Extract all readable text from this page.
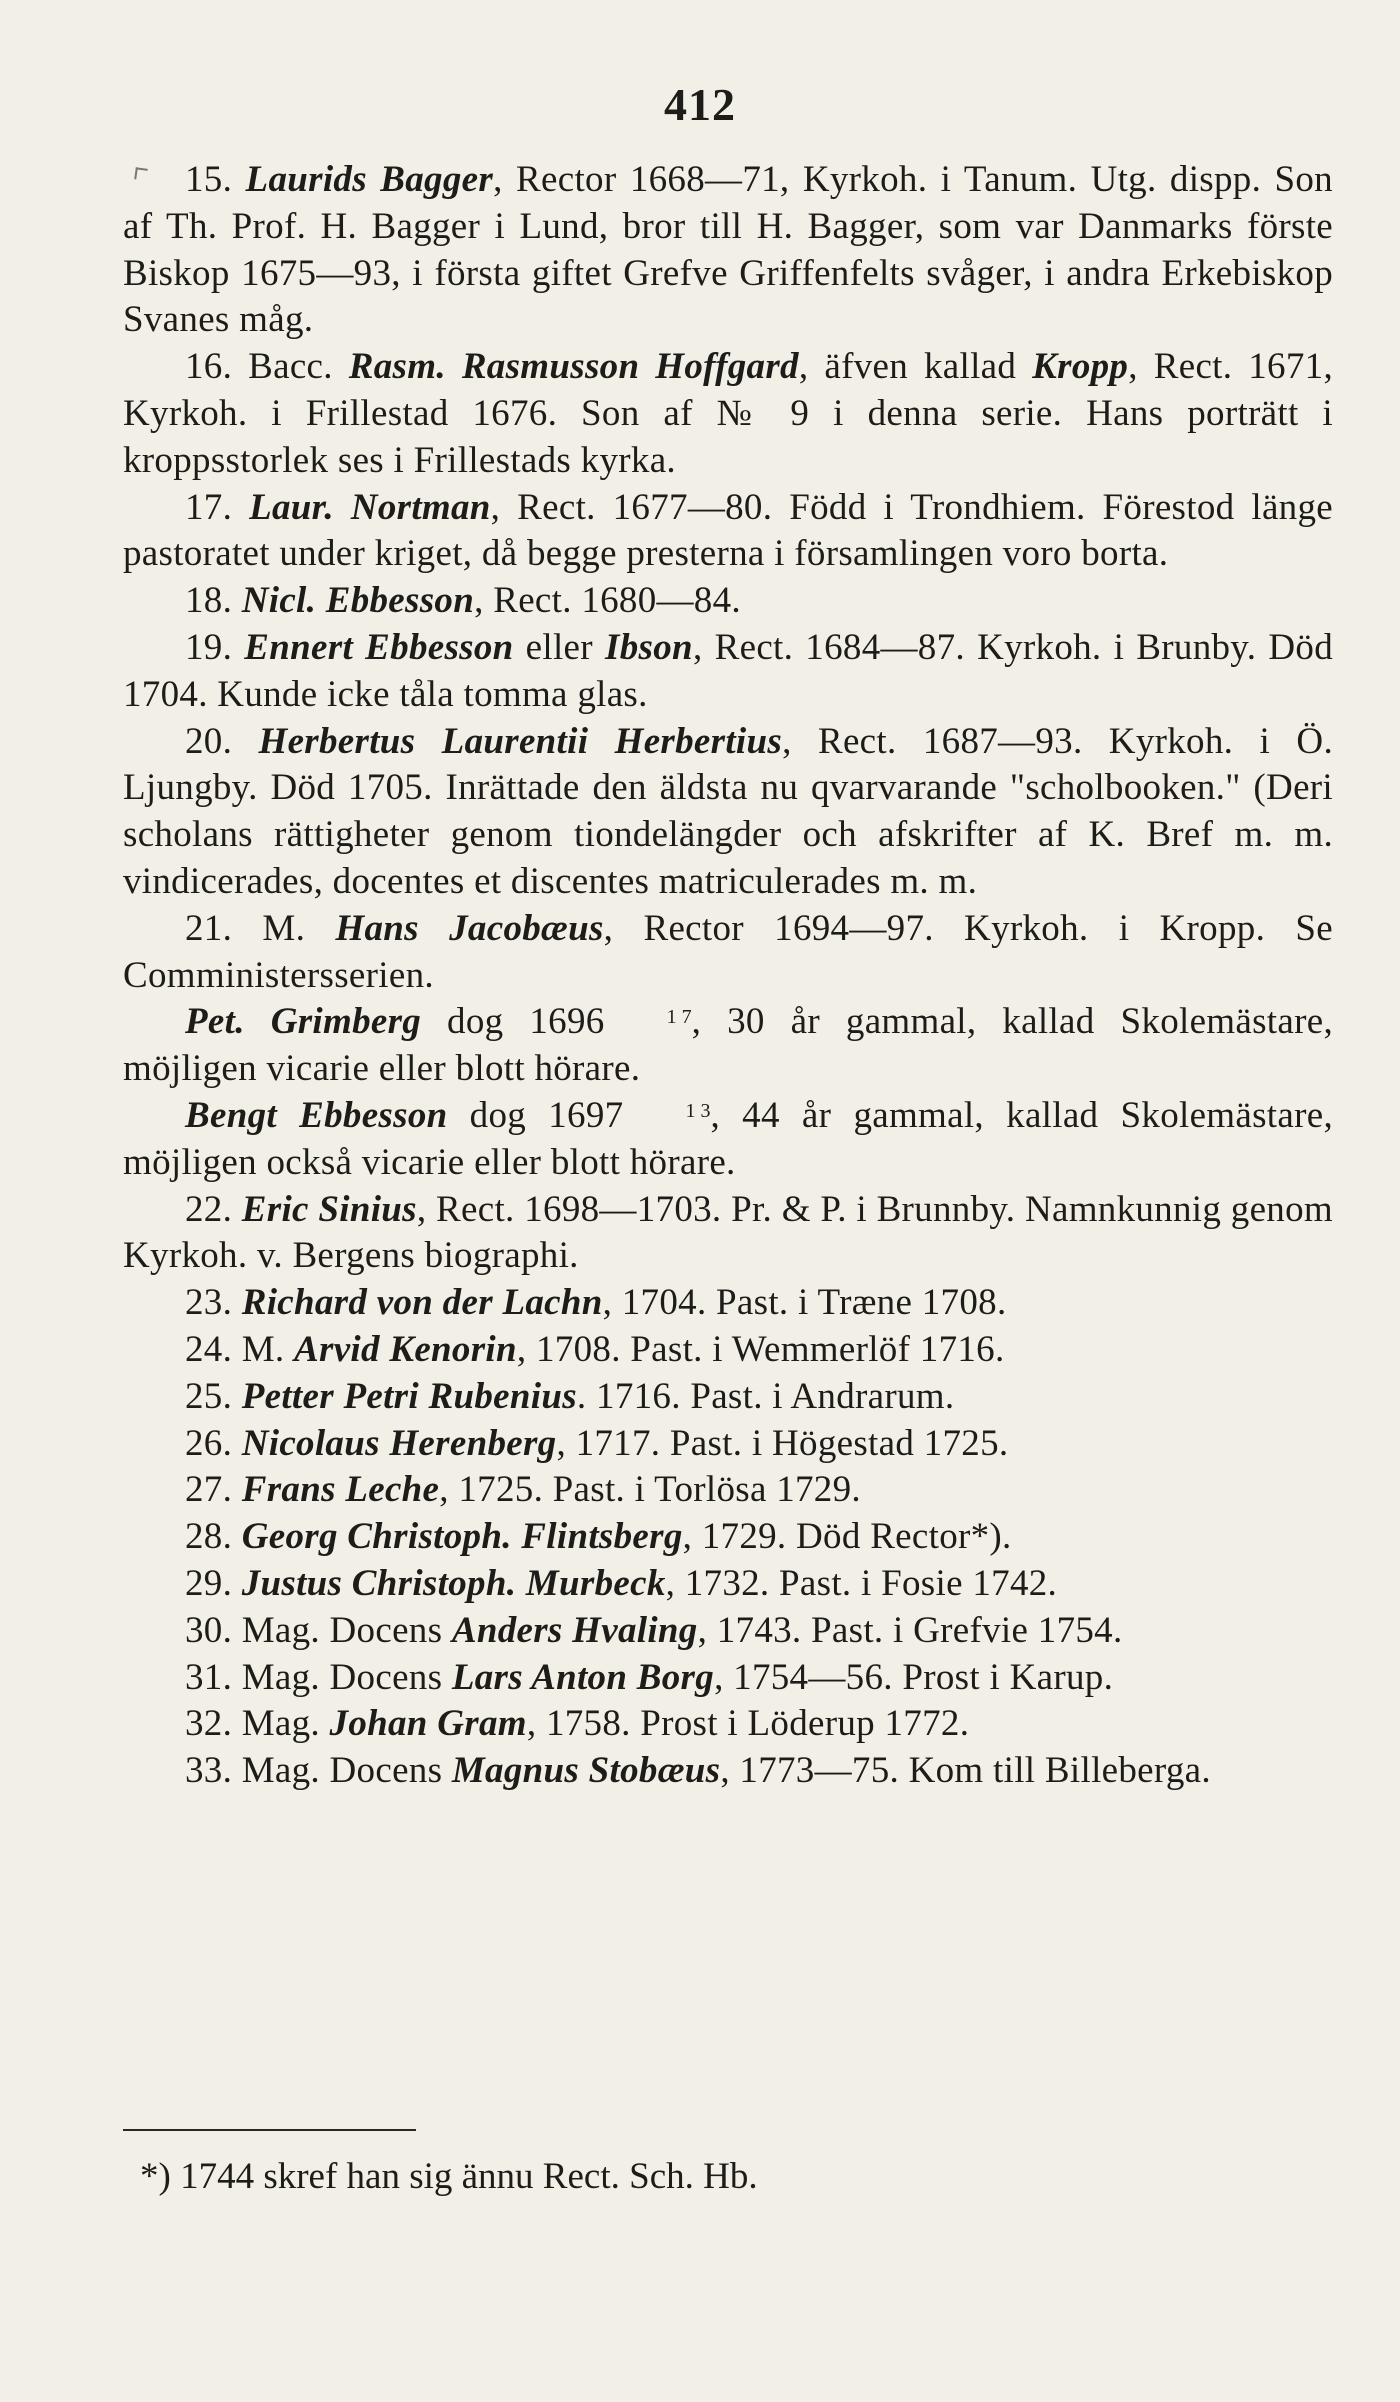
412

15. Laurids Bagger, Rector 1668—71, Kyrkoh. i Tanum. Utg. dispp. Son af Th. Prof. H. Bagger i Lund, bror till H. Bagger, som var Danmarks förste Biskop 1675—93, i första giftet Grefve Griffenfelts svåger, i andra Erkebiskop Svanes måg.

16. Bacc. Rasm. Rasmusson Hoffgard, äfven kallad Kropp, Rect. 1671, Kyrkoh. i Frillestad 1676. Son af № 9 i denna serie. Hans porträtt i kroppsstorlek ses i Frillestads kyrka.

17. Laur. Nortman, Rect. 1677—80. Född i Trondhiem. Förestod länge pastoratet under kriget, då begge presterna i församlingen voro borta.

18. Nicl. Ebbesson, Rect. 1680—84.

19. Ennert Ebbesson eller Ibson, Rect. 1684—87. Kyrkoh. i Brunby. Död 1704. Kunde icke tåla tomma glas.

20. Herbertus Laurentii Herbertius, Rect. 1687—93. Kyrkoh. i Ö. Ljungby. Död 1705. Inrättade den äldsta nu qvarvarande "scholbooken." (Deri scholans rättigheter genom tiondelängder och afskrifter af K. Bref m. m. vindicerades, docentes et discentes matriculerades m. m.

21. M. Hans Jacobæus, Rector 1694—97. Kyrkoh. i Kropp. Se Comministersserien.

Pet. Grimberg dog 1696	1 7, 30 år gammal, kallad Skolemästare, möjligen vicarie eller blott hörare.

Bengt Ebbesson dog 1697	1 3, 44 år gammal, kallad Skolemästare, möjligen också vicarie eller blott hörare.

22. Eric Sinius, Rect. 1698—1703. Pr. & P. i Brunnby. Namnkunnig genom Kyrkoh. v. Bergens biographi.

23. Richard von der Lachn, 1704. Past. i Træne 1708.

24. M. Arvid Kenorin, 1708. Past. i Wemmerlöf 1716.

25. Petter Petri Rubenius. 1716. Past. i Andrarum.

26. Nicolaus Herenberg, 1717. Past. i Högestad 1725.

27. Frans Leche, 1725. Past. i Torlösa 1729.

28. Georg Christoph. Flintsberg, 1729. Död Rector*).

29. Justus Christoph. Murbeck, 1732. Past. i Fosie 1742.

30. Mag. Docens Anders Hvaling, 1743. Past. i Grefvie 1754.

31. Mag. Docens Lars Anton Borg, 1754—56. Prost i Karup.

32. Mag. Johan Gram, 1758. Prost i Löderup 1772.

33. Mag. Docens Magnus Stobæus, 1773—75. Kom till Billeberga.

*) 1744 skref han sig ännu Rect. Sch. Hb.
